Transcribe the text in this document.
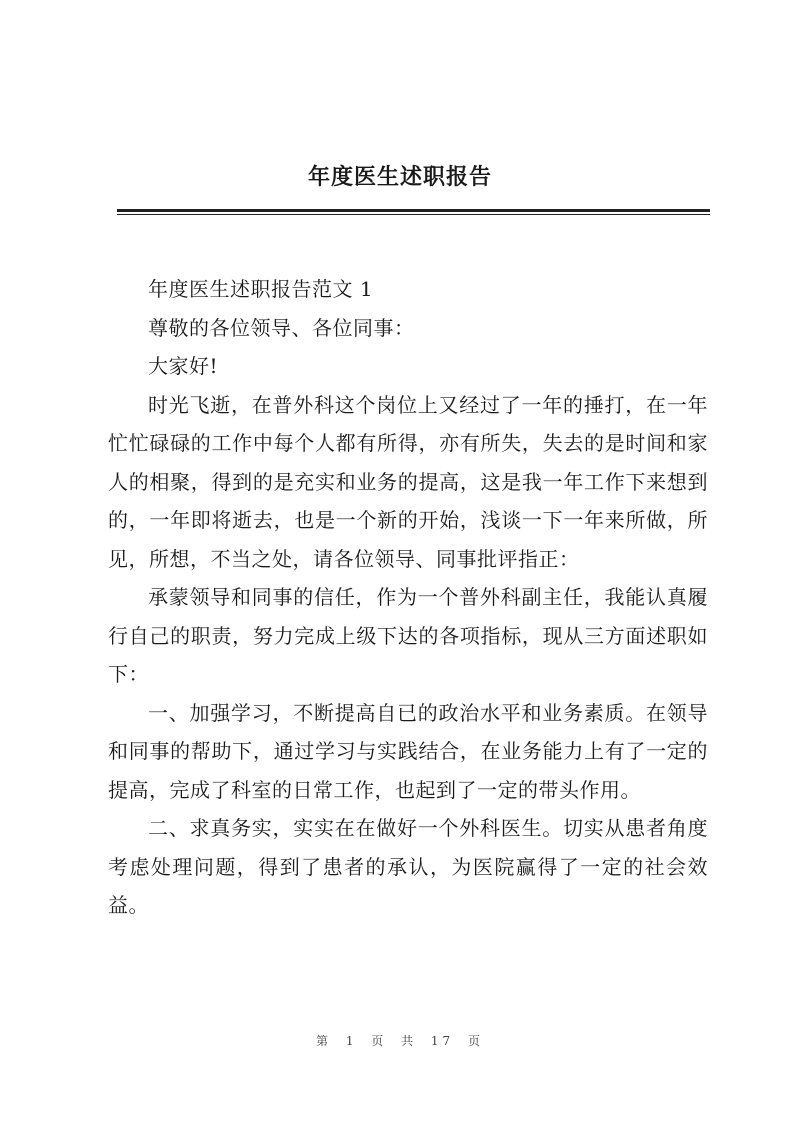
年度医生述职报告

年度医生述职报告范文 1

尊敬的各位领导、各位同事：

大家好!

时光飞逝，在普外科这个岗位上又经过了一年的捶打，在一年忙忙碌碌的工作中每个人都有所得，亦有所失，失去的是时间和家人的相聚，得到的是充实和业务的提高，这是我一年工作下来想到的，一年即将逝去，也是一个新的开始，浅谈一下一年来所做，所见，所想，不当之处，请各位领导、同事批评指正：

承蒙领导和同事的信任，作为一个普外科副主任，我能认真履行自己的职责，努力完成上级下达的各项指标，现从三方面述职如下：

一、加强学习，不断提高自已的政治水平和业务素质。在领导和同事的帮助下，通过学习与实践结合，在业务能力上有了一定的提高，完成了科室的日常工作，也起到了一定的带头作用。

二、求真务实，实实在在做好一个外科医生。切实从患者角度考虑处理问题，得到了患者的承认，为医院赢得了一定的社会效益。

第 1 页 共 17 页
